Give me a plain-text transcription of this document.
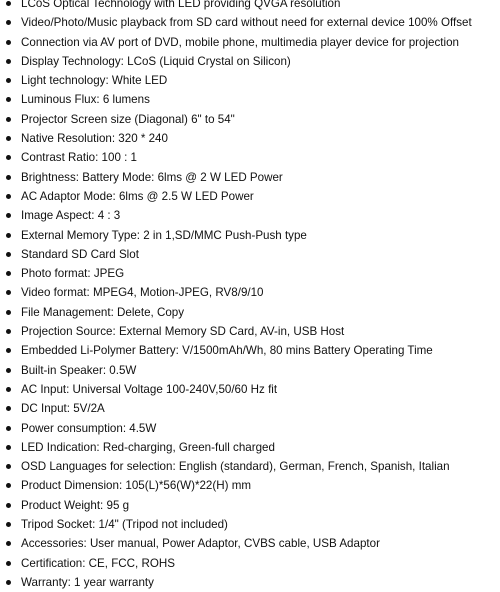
LCoS Optical Technology with LED providing QVGA resolution
Video/Photo/Music playback from SD card without need for external device 100% Offset
Connection via AV port of DVD, mobile phone, multimedia player device for projection
Display Technology: LCoS (Liquid Crystal on Silicon)
Light technology: White LED
Luminous Flux: 6 lumens
Projector Screen size (Diagonal) 6" to 54"
Native Resolution: 320 * 240
Contrast Ratio: 100 : 1
Brightness: Battery Mode: 6lms @ 2 W LED Power
AC Adaptor Mode: 6lms @ 2.5 W LED Power
Image Aspect: 4 : 3
External Memory Type: 2 in 1,SD/MMC Push-Push type
Standard SD Card Slot
Photo format: JPEG
Video format: MPEG4, Motion-JPEG, RV8/9/10
File Management: Delete, Copy
Projection Source: External Memory SD Card, AV-in, USB Host
Embedded Li-Polymer Battery: V/1500mAh/Wh, 80 mins Battery Operating Time
Built-in Speaker: 0.5W
AC Input: Universal Voltage 100-240V,50/60 Hz fit
DC Input: 5V/2A
Power consumption: 4.5W
LED Indication: Red-charging, Green-full charged
OSD Languages for selection: English (standard), German, French, Spanish, Italian
Product Dimension: 105(L)*56(W)*22(H) mm
Product Weight: 95 g
Tripod Socket: 1/4" (Tripod not included)
Accessories: User manual, Power Adaptor, CVBS cable, USB Adaptor
Certification: CE, FCC, ROHS
Warranty: 1 year warranty
